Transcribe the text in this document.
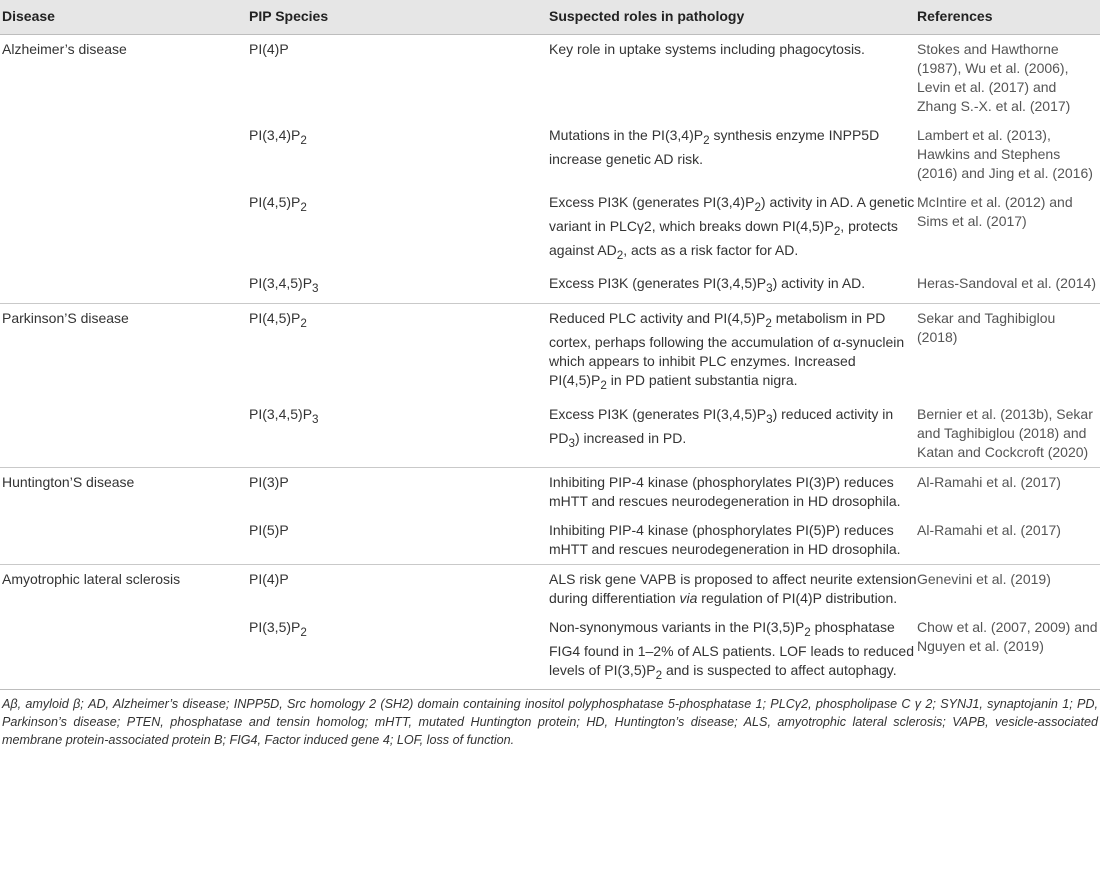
Disease	PIP Species	Suspected roles in pathology	References
Alzheimer’s disease	PI(4)P	Key role in uptake systems including phagocytosis.	Stokes and Hawthorne (1987), Wu et al. (2006), Levin et al. (2017) and Zhang S.-X. et al. (2017)
	$PI(3,4)P_2$	Mutations in the $PI(3,4)P_2$ synthesis enzyme INPP5D increase genetic AD risk.	Lambert et al. (2013), Hawkins and Stephens (2016) and Jing et al. (2016)
	$PI(4,5)P_2$	Excess PI3K (generates $PI(3,4)P_2$) activity in AD. A genetic variant in PLCγ2, which breaks down $PI(4,5)P_2$, protects against $AD_2$, acts as a risk factor for AD.	McIntire et al. (2012) and Sims et al. (2017)
	$PI(3,4,5)P_3$	Excess PI3K (generates $PI(3,4,5)P_3$) activity in AD.	Heras-Sandoval et al. (2014)
Parkinson’S disease	$PI(4,5)P_2$	Reduced PLC activity and $PI(4,5)P_2$ metabolism in PD cortex, perhaps following the accumulation of α-synuclein which appears to inhibit PLC enzymes. Increased $PI(4,5)P_2$ in PD patient substantia nigra.	Sekar and Taghibiglou (2018)
	$PI(3,4,5)P_3$	Excess PI3K (generates $PI(3,4,5)P_3$) reduced activity in $PD_3$) increased in PD.	Bernier et al. (2013b), Sekar and Taghibiglou (2018) and Katan and Cockcroft (2020)
Huntington’S disease	PI(3)P	Inhibiting PIP-4 kinase (phosphorylates PI(3)P) reduces mHTT and rescues neurodegeneration in HD drosophila.	Al-Ramahi et al. (2017)
	PI(5)P	Inhibiting PIP-4 kinase (phosphorylates PI(5)P) reduces mHTT and rescues neurodegeneration in HD drosophila.	Al-Ramahi et al. (2017)
Amyotrophic lateral sclerosis	PI(4)P	ALS risk gene VAPB is proposed to affect neurite extension during differentiation via regulation of PI(4)P distribution.	Genevini et al. (2019)
	$PI(3,5)P_2$	Non-synonymous variants in the $PI(3,5)P_2$ phosphatase FIG4 found in 1–2% of ALS patients. LOF leads to reduced levels of $PI(3,5)P_2$ and is suspected to affect autophagy.	Chow et al. (2007, 2009) and Nguyen et al. (2019)
Aβ, amyloid β; AD, Alzheimer’s disease; INPP5D, Src homology 2 (SH2) domain containing inositol polyphosphatase 5-phosphatase 1; PLCγ2, phospholipase C γ 2; SYNJ1, synaptojanin 1; PD, Parkinson’s disease; PTEN, phosphatase and tensin homolog; mHTT, mutated Huntington protein; HD, Huntington’s disease; ALS, amyotrophic lateral sclerosis; VAPB, vesicle-associated membrane protein-associated protein B; FIG4, Factor induced gene 4; LOF, loss of function.
